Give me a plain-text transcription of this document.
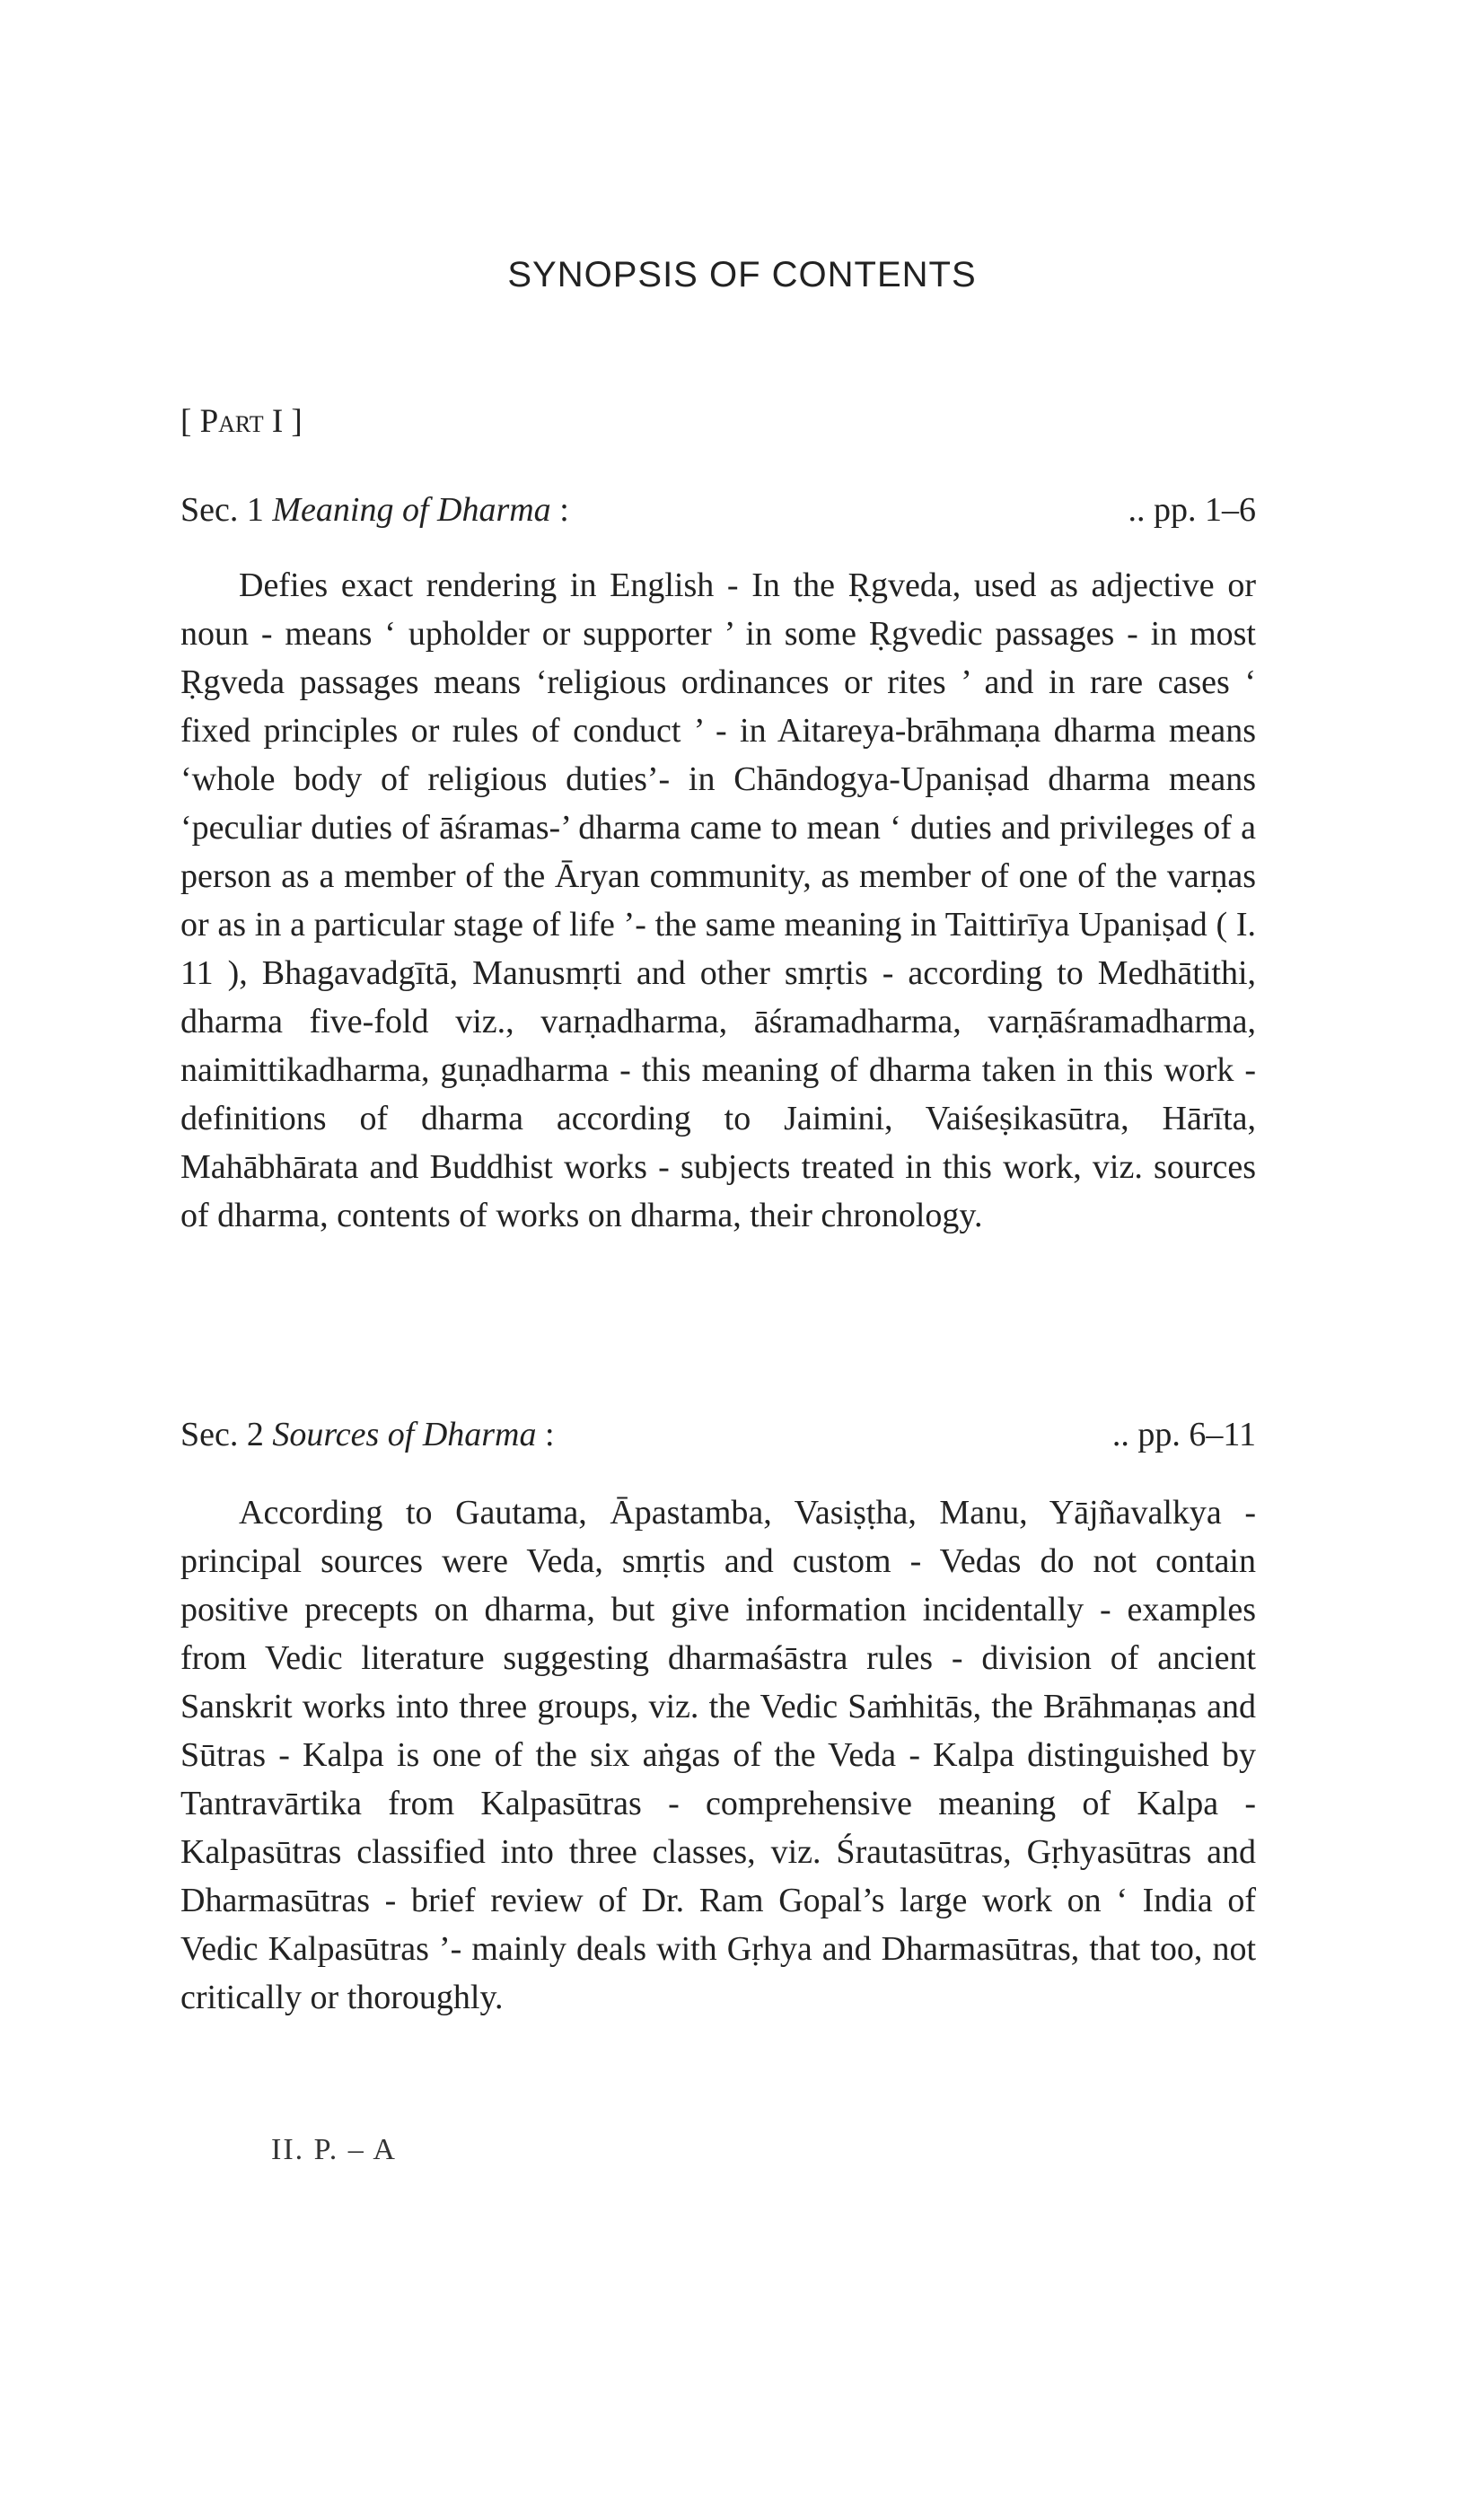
SYNOPSIS OF CONTENTS
[ Part I ]
Sec. 1 Meaning of Dharma :	.. pp. 1–6

Defies exact rendering in English - In the Ṛgveda, used as adjective or noun - means ‘ upholder or supporter ’ in some Ṛgvedic passages - in most Ṛgveda passages means ‘religious ordinances or rites ’ and in rare cases ‘ fixed principles or rules of conduct ’ - in Aitareya-brāhmaṇa dharma means ‘whole body of religious duties’- in Chāndogya-Upaniṣad dharma means ‘peculiar duties of āśramas-’ dharma came to mean ‘ duties and privileges of a person as a member of the Āryan community, as member of one of the varṇas or as in a particular stage of life ’- the same meaning in Taittirīya Upaniṣad ( I. 11 ), Bhagavadgītā, Manusmṛti and other smṛtis - according to Medhātithi, dharma five-fold viz., varṇadharma, āśramadharma, varṇāśramadharma, naimittikadharma, guṇadharma - this meaning of dharma taken in this work - definitions of dharma according to Jaimini, Vaiśeṣikasūtra, Hārīta, Mahābhārata and Buddhist works - subjects treated in this work, viz. sources of dharma, contents of works on dharma, their chronology.

Sec. 2 Sources of Dharma :	.. pp. 6–11

According to Gautama, Āpastamba, Vasiṣṭha, Manu, Yājñavalkya - principal sources were Veda, smṛtis and custom - Vedas do not contain positive precepts on dharma, but give information incidentally - examples from Vedic literature suggesting dharmaśāstra rules - division of ancient Sanskrit works into three groups, viz. the Vedic Saṁhitās, the Brāhmaṇas and Sūtras - Kalpa is one of the six aṅgas of the Veda - Kalpa distinguished by Tantravārtika from Kalpasūtras - comprehensive meaning of Kalpa - Kalpasūtras classified into three classes, viz. Śrautasūtras, Gṛhyasūtras and Dharmasūtras - brief review of Dr. Ram Gopal’s large work on ‘ India of Vedic Kalpasūtras ’- mainly deals with Gṛhya and Dharmasūtras, that too, not critically or thoroughly.

II. P. – A
